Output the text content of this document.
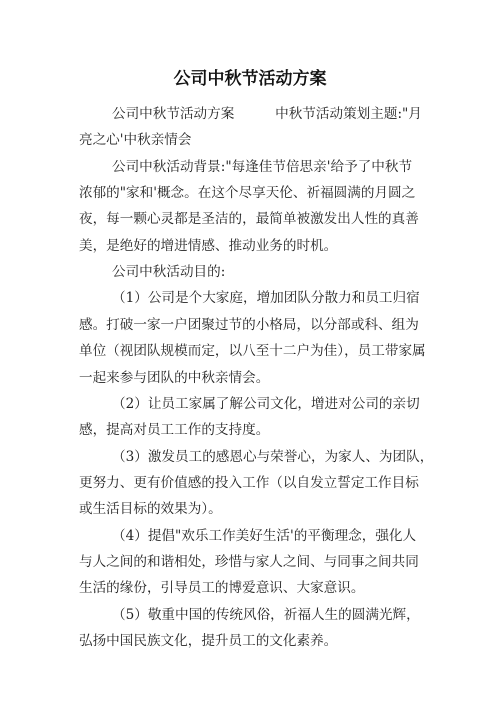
公司中秋节活动方案
公司中秋节活动方案　　　中秋节活动策划主题:"月
亮之心'中秋亲情会
公司中秋活动背景:"每逢佳节倍思亲'给予了中秋节
浓郁的"家和'概念。在这个尽享天伦、祈福圆满的月圆之
夜，每一颗心灵都是圣洁的，最简单被激发出人性的真善
美，是绝好的增进情感、推动业务的时机。
公司中秋活动目的:
（1）公司是个大家庭，增加团队分散力和员工归宿
感。打破一家一户团聚过节的小格局，以分部或科、组为
单位（视团队规模而定，以八至十二户为佳），员工带家属
一起来参与团队的中秋亲情会。
（2）让员工家属了解公司文化，增进对公司的亲切
感，提高对员工工作的支持度。
（3）激发员工的感恩心与荣誉心，为家人、为团队，
更努力、更有价值感的投入工作（以自发立誓定工作目标
或生活目标的效果为）。
（4）提倡"欢乐工作美好生活'的平衡理念，强化人
与人之间的和谐相处，珍惜与家人之间、与同事之间共同
生活的缘份，引导员工的博爱意识、大家意识。
（5）敬重中国的传统风俗，祈福人生的圆满光辉，
弘扬中国民族文化，提升员工的文化素养。
